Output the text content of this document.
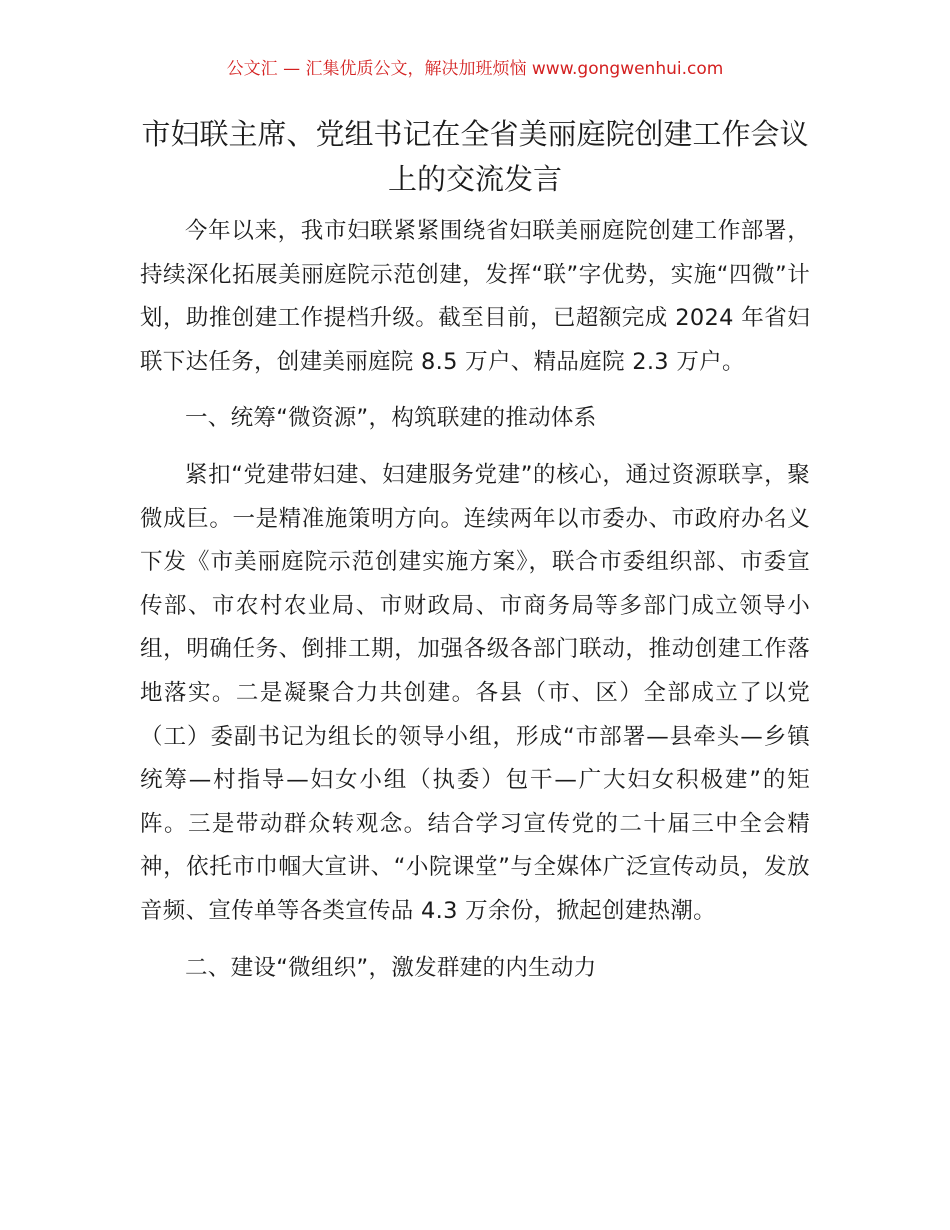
公文汇 — 汇集优质公文，解决加班烦恼 www.gongwenhui.com
市妇联主席、党组书记在全省美丽庭院创建工作会议上的交流发言

今年以来，我市妇联紧紧围绕省妇联美丽庭院创建工作部署，持续深化拓展美丽庭院示范创建，发挥“联”字优势，实施“四微”计划，助推创建工作提档升级。截至目前，已超额完成 2024 年省妇联下达任务，创建美丽庭院 8.5 万户、精品庭院 2.3 万户。

一、统筹“微资源”，构筑联建的推动体系

紧扣“党建带妇建、妇建服务党建”的核心，通过资源联享，聚微成巨。一是精准施策明方向。连续两年以市委办、市政府办名义下发《市美丽庭院示范创建实施方案》，联合市委组织部、市委宣传部、市农村农业局、市财政局、市商务局等多部门成立领导小组，明确任务、倒排工期，加强各级各部门联动，推动创建工作落地落实。二是凝聚合力共创建。各县（市、区）全部成立了以党（工）委副书记为组长的领导小组，形成“市部署—县牵头—乡镇统筹—村指导—妇女小组（执委）包干—广大妇女积极建”的矩阵。三是带动群众转观念。结合学习宣传党的二十届三中全会精神，依托市巾帼大宣讲、“小院课堂”与全媒体广泛宣传动员，发放音频、宣传单等各类宣传品 4.3 万余份，掀起创建热潮。

二、建设“微组织”，激发群建的内生动力
